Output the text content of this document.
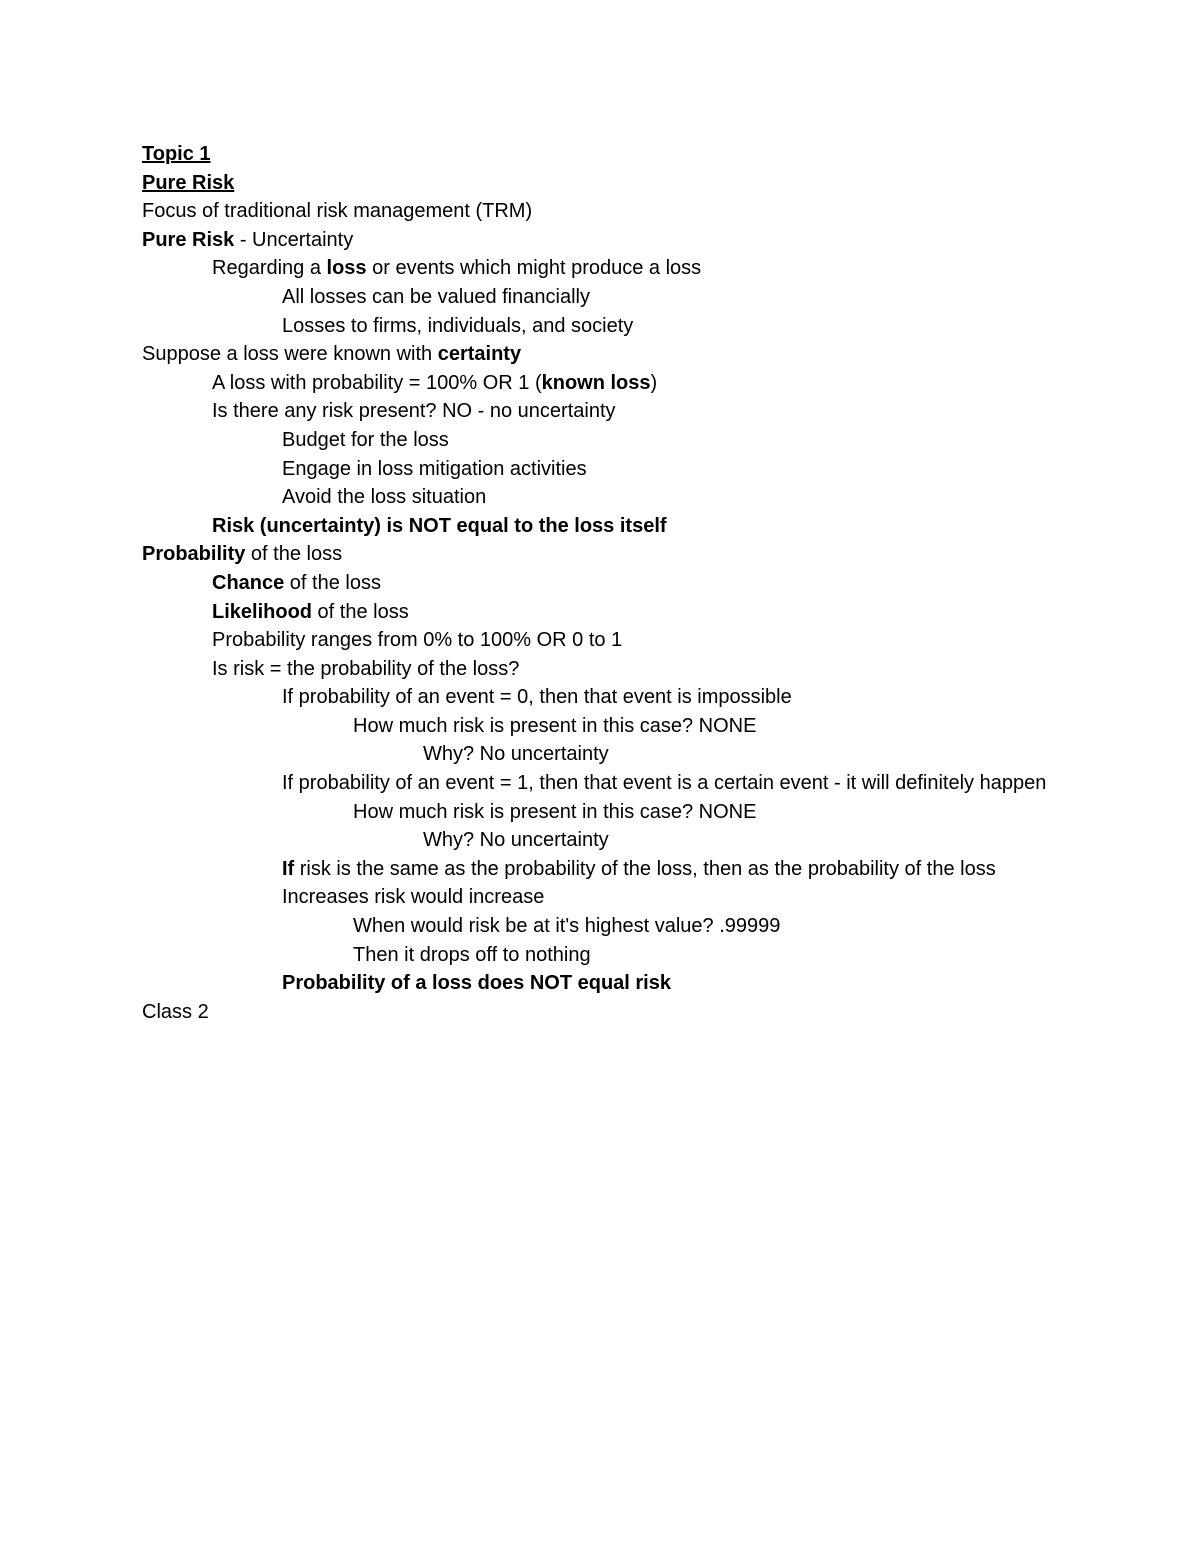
Topic 1
Pure Risk
Focus of traditional risk management (TRM)
Pure Risk - Uncertainty
Regarding a loss or events which might produce a loss
All losses can be valued financially
Losses to firms, individuals, and society
Suppose a loss were known with certainty
A loss with probability = 100% OR 1 (known loss)
Is there any risk present? NO - no uncertainty
Budget for the loss
Engage in loss mitigation activities
Avoid the loss situation
Risk (uncertainty) is NOT equal to the loss itself
Probability of the loss
Chance of the loss
Likelihood of the loss
Probability ranges from 0% to 100% OR 0 to 1
Is risk = the probability of the loss?
If probability of an event = 0, then that event is impossible
How much risk is present in this case? NONE
Why? No uncertainty
If probability of an event = 1, then that event is a certain event - it will definitely happen
How much risk is present in this case? NONE
Why? No uncertainty
If risk is the same as the probability of the loss, then as the probability of the loss Increases risk would increase
When would risk be at it's highest value? .99999
Then it drops off to nothing
Probability of a loss does NOT equal risk
Class 2
